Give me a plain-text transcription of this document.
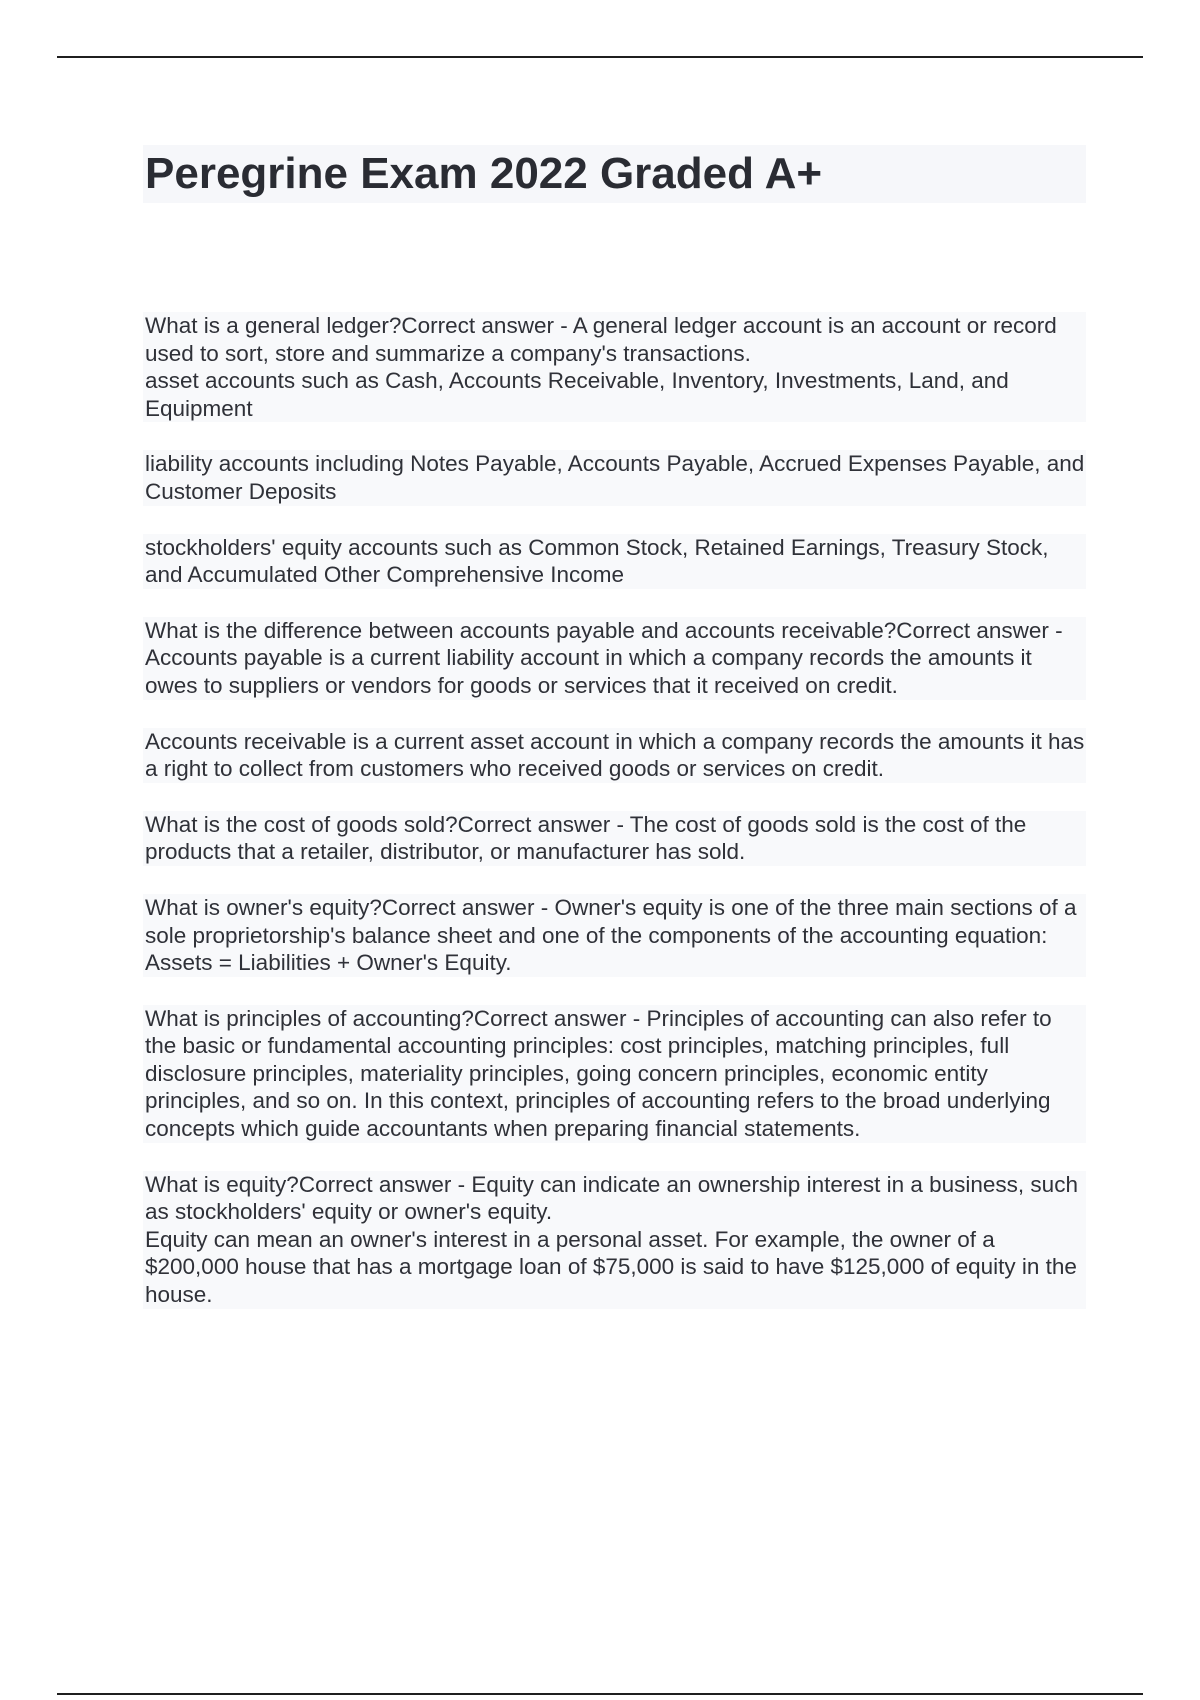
Peregrine Exam 2022 Graded A+

What is a general ledger?Correct answer - A general ledger account is an account or record used to sort, store and summarize a company's transactions.
asset accounts such as Cash, Accounts Receivable, Inventory, Investments, Land, and Equipment

liability accounts including Notes Payable, Accounts Payable, Accrued Expenses Payable, and Customer Deposits

stockholders' equity accounts such as Common Stock, Retained Earnings, Treasury Stock, and Accumulated Other Comprehensive Income

What is the difference between accounts payable and accounts receivable?Correct answer - Accounts payable is a current liability account in which a company records the amounts it owes to suppliers or vendors for goods or services that it received on credit.

Accounts receivable is a current asset account in which a company records the amounts it has a right to collect from customers who received goods or services on credit.

What is the cost of goods sold?Correct answer - The cost of goods sold is the cost of the products that a retailer, distributor, or manufacturer has sold.

What is owner's equity?Correct answer - Owner's equity is one of the three main sections of a sole proprietorship's balance sheet and one of the components of the accounting equation: Assets = Liabilities + Owner's Equity.

What is principles of accounting?Correct answer - Principles of accounting can also refer to the basic or fundamental accounting principles: cost principles, matching principles, full disclosure principles, materiality principles, going concern principles, economic entity principles, and so on. In this context, principles of accounting refers to the broad underlying concepts which guide accountants when preparing financial statements.

What is equity?Correct answer - Equity can indicate an ownership interest in a business, such as stockholders' equity or owner's equity.
Equity can mean an owner's interest in a personal asset. For example, the owner of a $200,000 house that has a mortgage loan of $75,000 is said to have $125,000 of equity in the house.
